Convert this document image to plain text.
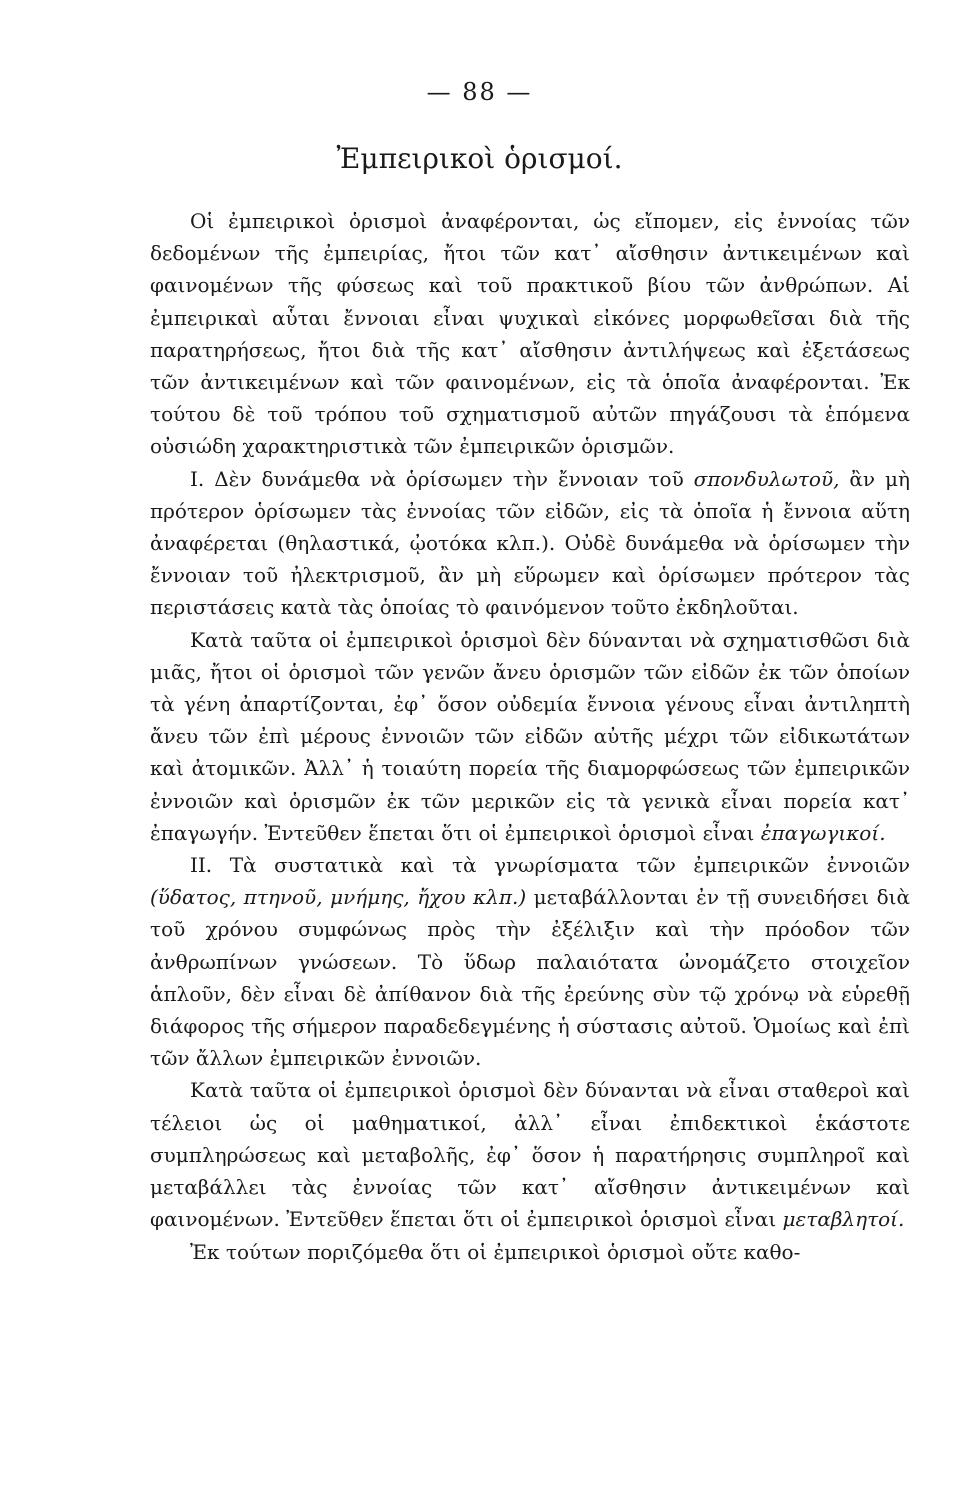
— 88 —
Ἐμπειρικοὶ ὁρισμοί.

Οἱ ἐμπειρικοὶ ὁρισμοὶ ἀναφέρονται, ὡς εἴπομεν, εἰς ἐννοίας τῶν δεδομένων τῆς ἐμπειρίας, ἤτοι τῶν κατ᾿ αἴσθησιν ἀντικειμένων καὶ φαινομένων τῆς φύσεως καὶ τοῦ πρακτικοῦ βίου τῶν ἀνθρώπων. Αἱ ἐμπειρικαὶ αὗται ἔννοιαι εἶναι ψυχικαὶ εἰκόνες μορφωθεῖσαι διὰ τῆς παρατηρήσεως, ἤτοι διὰ τῆς κατ᾿ αἴσθησιν ἀντιλήψεως καὶ ἐξετάσεως τῶν ἀντικειμένων καὶ τῶν φαινομένων, εἰς τὰ ὁποῖα ἀναφέρονται. Ἐκ τούτου δὲ τοῦ τρόπου τοῦ σχηματισμοῦ αὐτῶν πηγάζουσι τὰ ἑπόμενα οὐσιώδη χαρακτηριστικὰ τῶν ἐμπειρικῶν ὁρισμῶν.

I. Δὲν δυνάμεθα νὰ ὁρίσωμεν τὴν ἔννοιαν τοῦ σπονδυλωτοῦ, ἂν μὴ πρότερον ὁρίσωμεν τὰς ἐννοίας τῶν εἰδῶν, εἰς τὰ ὁποῖα ἡ ἔννοια αὕτη ἀναφέρεται (θηλαστικά, ᾠοτόκα κλπ.). Οὐδὲ δυνάμεθα νὰ ὁρίσωμεν τὴν ἔννοιαν τοῦ ἠλεκτρισμοῦ, ἂν μὴ εὕρωμεν καὶ ὁρίσωμεν πρότερον τὰς περιστάσεις κατὰ τὰς ὁποίας τὸ φαινόμενον τοῦτο ἐκδηλοῦται.

Κατὰ ταῦτα οἱ ἐμπειρικοὶ ὁρισμοὶ δὲν δύνανται νὰ σχηματισθῶσι διὰ μιᾶς, ἤτοι οἱ ὁρισμοὶ τῶν γενῶν ἄνευ ὁρισμῶν τῶν εἰδῶν ἐκ τῶν ὁποίων τὰ γένη ἀπαρτίζονται, ἐφ᾿ ὅσον οὐδεμία ἔννοια γένους εἶναι ἀντιληπτὴ ἄνευ τῶν ἐπὶ μέρους ἐννοιῶν τῶν εἰδῶν αὐτῆς μέχρι τῶν εἰδικωτάτων καὶ ἀτομικῶν. Ἀλλ᾿ ἡ τοιαύτη πορεία τῆς διαμορφώσεως τῶν ἐμπειρικῶν ἐννοιῶν καὶ ὁρισμῶν ἐκ τῶν μερικῶν εἰς τὰ γενικὰ εἶναι πορεία κατ᾿ ἐπαγωγήν. Ἐντεῦθεν ἕπεται ὅτι οἱ ἐμπειρικοὶ ὁρισμοὶ εἶναι ἐπαγωγικοί.

II. Τὰ συστατικὰ καὶ τὰ γνωρίσματα τῶν ἐμπειρικῶν ἐννοιῶν (ὕδατος, πτηνοῦ, μνήμης, ἤχου κλπ.) μεταβάλλονται ἐν τῇ συνειδήσει διὰ τοῦ χρόνου συμφώνως πρὸς τὴν ἐξέλιξιν καὶ τὴν πρόοδον τῶν ἀνθρωπίνων γνώσεων. Τὸ ὕδωρ παλαιότατα ὠνομάζετο στοιχεῖον ἁπλοῦν, δὲν εἶναι δὲ ἀπίθανον διὰ τῆς ἐρεύνης σὺν τῷ χρόνῳ νὰ εὑρεθῇ διάφορος τῆς σήμερον παραδεδεγμένης ἡ σύστασις αὐτοῦ. Ὁμοίως καὶ ἐπὶ τῶν ἄλλων ἐμπειρικῶν ἐννοιῶν.

Κατὰ ταῦτα οἱ ἐμπειρικοὶ ὁρισμοὶ δὲν δύνανται νὰ εἶναι σταθεροὶ καὶ τέλειοι ὡς οἱ μαθηματικοί, ἀλλ᾿ εἶναι ἐπιδεκτικοὶ ἑκάστοτε συμπληρώσεως καὶ μεταβολῆς, ἐφ᾿ ὅσον ἡ παρατήρησις συμπληροῖ καὶ μεταβάλλει τὰς ἐννοίας τῶν κατ᾿ αἴσθησιν ἀντικειμένων καὶ φαινομένων. Ἐντεῦθεν ἕπεται ὅτι οἱ ἐμπειρικοὶ ὁρισμοὶ εἶναι μεταβλητοί.

Ἐκ τούτων ποριζόμεθα ὅτι οἱ ἐμπειρικοὶ ὁρισμοὶ οὔτε καθο-
